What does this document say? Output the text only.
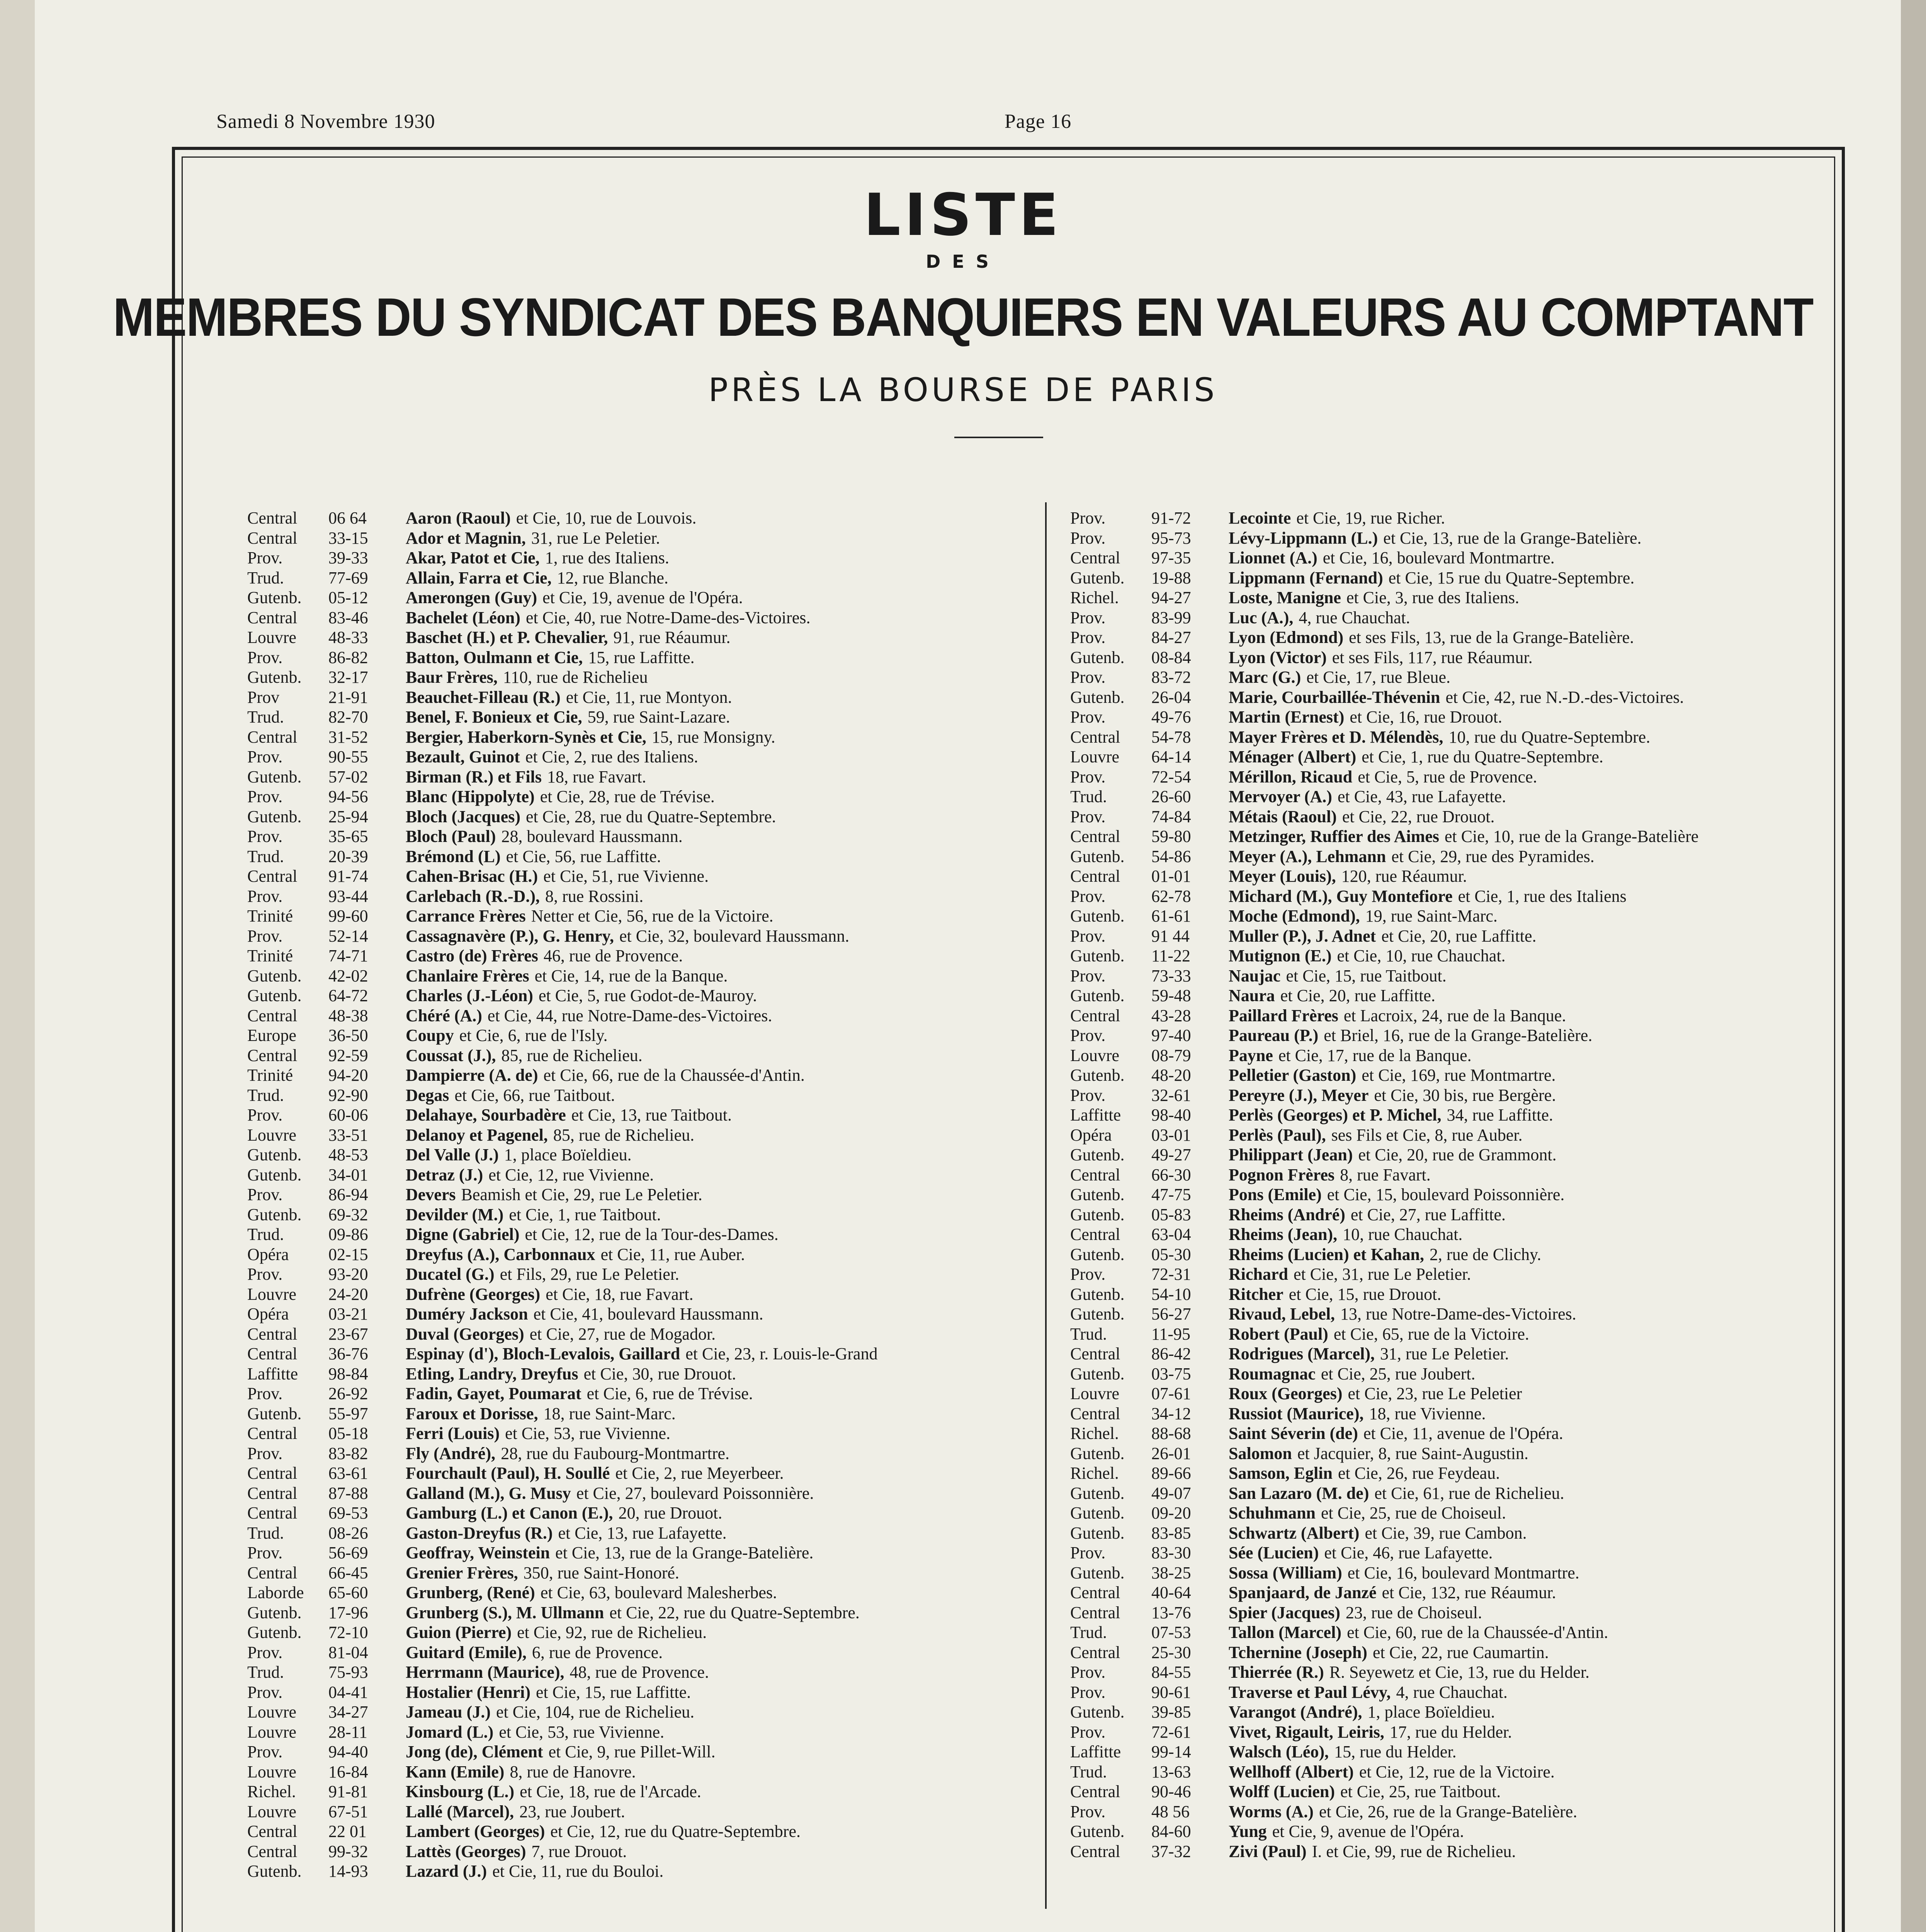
Samedi 8 Novembre 1930	Page 16
LISTE
DES
MEMBRES DU SYNDICAT DES BANQUIERS EN VALEURS AU COMPTANT
PRÈS LA BOURSE DE PARIS
Central 06 64 Aaron (Raoul) et Cie, 10, rue de Louvois.
Central 33-15 Ador et Magnin, 31, rue Le Peletier.
Prov.	39-33 Akar, Patot et Cie, 1, rue des Italiens.
Trud.	77-69 Allain, Farra et Cie, 12, rue Blanche.
Gutenb. 05-12 Amerongen (Guy) et Cie, 19, avenue de l'Opéra.
Central 83-46 Bachelet (Léon) et Cie, 40, rue Notre-Dame-des-Victoires.
Louvre 48-33 Baschet (H.) et P. Chevalier, 91, rue Réaumur.
Prov.	86-82 Batton, Oulmann et Cie, 15, rue Laffitte.
Gutenb. 32-17 Baur Frères, 110, rue de Richelieu
Prov	21-91 Beauchet-Filleau (R.) et Cie, 11, rue Montyon.
Trud.	82-70 Benel, F. Bonieux et Cie, 59, rue Saint-Lazare.
Central 31-52 Bergier, Haberkorn-Synès et Cie, 15, rue Monsigny.
Prov.	90-55 Bezault, Guinot et Cie, 2, rue des Italiens.
Gutenb. 57-02 Birman (R.) et Fils 18, rue Favart.
Prov.	94-56 Blanc (Hippolyte) et Cie, 28, rue de Trévise.
Gutenb. 25-94 Bloch (Jacques) et Cie, 28, rue du Quatre-Septembre.
Prov.	35-65 Bloch (Paul) 28, boulevard Haussmann.
Trud.	20-39 Brémond (L) et Cie, 56, rue Laffitte.
Central 91-74 Cahen-Brisac (H.) et Cie, 51, rue Vivienne.
Prov.	93-44 Carlebach (R.-D.), 8, rue Rossini.
Trinité 99-60 Carrance Frères Netter et Cie, 56, rue de la Victoire.
Prov.	52-14 Cassagnavère (P.), G. Henry, et Cie, 32, boulevard Haussmann.
Trinité 74-71 Castro (de) Frères 46, rue de Provence.
Gutenb. 42-02 Chanlaire Frères et Cie, 14, rue de la Banque.
Gutenb. 64-72 Charles (J.-Léon) et Cie, 5, rue Godot-de-Mauroy.
Central 48-38 Chéré (A.) et Cie, 44, rue Notre-Dame-des-Victoires.
Europe 36-50 Coupy et Cie, 6, rue de l'Isly.
Central 92-59 Coussat (J.), 85, rue de Richelieu.
Trinité 94-20 Dampierre (A. de) et Cie, 66, rue de la Chaussée-d'Antin.
Trud.	92-90 Degas et Cie, 66, rue Taitbout.
Prov.	60-06 Delahaye, Sourbadère et Cie, 13, rue Taitbout.
Louvre 33-51 Delanoy et Pagenel, 85, rue de Richelieu.
Gutenb. 48-53 Del Valle (J.) 1, place Boïeldieu.
Gutenb. 34-01 Detraz (J.) et Cie, 12, rue Vivienne.
Prov.	86-94 Devers Beamish et Cie, 29, rue Le Peletier.
Gutenb. 69-32 Devilder (M.) et Cie, 1, rue Taitbout.
Trud.	09-86 Digne (Gabriel) et Cie, 12, rue de la Tour-des-Dames.
Opéra 02-15 Dreyfus (A.), Carbonnaux et Cie, 11, rue Auber.
Prov.	93-20 Ducatel (G.) et Fils, 29, rue Le Peletier.
Louvre 24-20 Dufrène (Georges) et Cie, 18, rue Favart.
Opéra 03-21 Duméry Jackson et Cie, 41, boulevard Haussmann.
Central 23-67 Duval (Georges) et Cie, 27, rue de Mogador.
Central 36-76 Espinay (d'), Bloch-Levalois, Gaillard et Cie, 23, r. Louis-le-Grand
Laffitte 98-84 Etling, Landry, Dreyfus et Cie, 30, rue Drouot.
Prov.	26-92 Fadin, Gayet, Poumarat et Cie, 6, rue de Trévise.
Gutenb. 55-97 Faroux et Dorisse, 18, rue Saint-Marc.
Central 05-18 Ferri (Louis) et Cie, 53, rue Vivienne.
Prov.	83-82 Fly (André), 28, rue du Faubourg-Montmartre.
Central 63-61 Fourchault (Paul), H. Soullé et Cie, 2, rue Meyerbeer.
Central 87-88 Galland (M.), G. Musy et Cie, 27, boulevard Poissonnière.
Central 69-53 Gamburg (L.) et Canon (E.), 20, rue Drouot.
Trud.	08-26 Gaston-Dreyfus (R.) et Cie, 13, rue Lafayette.
Prov.	56-69 Geoffray, Weinstein et Cie, 13, rue de la Grange-Batelière.
Central 66-45 Grenier Frères, 350, rue Saint-Honoré.
Laborde 65-60 Grunberg, (René) et Cie, 63, boulevard Malesherbes.
Gutenb. 17-96 Grunberg (S.), M. Ullmann et Cie, 22, rue du Quatre-Septembre.
Gutenb. 72-10 Guion (Pierre) et Cie, 92, rue de Richelieu.
Prov.	81-04 Guitard (Emile), 6, rue de Provence.
Trud.	75-93 Herrmann (Maurice), 48, rue de Provence.
Prov.	04-41 Hostalier (Henri) et Cie, 15, rue Laffitte.
Louvre 34-27 Jameau (J.) et Cie, 104, rue de Richelieu.
Louvre 28-11 Jomard (L.) et Cie, 53, rue Vivienne.
Prov.	94-40 Jong (de), Clément et Cie, 9, rue Pillet-Will.
Louvre 16-84 Kann (Emile) 8, rue de Hanovre.
Richel. 91-81 Kinsbourg (L.) et Cie, 18, rue de l'Arcade.
Louvre 67-51 Lallé (Marcel), 23, rue Joubert.
Central 22 01 Lambert (Georges) et Cie, 12, rue du Quatre-Septembre.
Central 99-32 Lattès (Georges) 7, rue Drouot.
Gutenb. 14-93 Lazard (J.) et Cie, 11, rue du Bouloi.
Prov.	91-72 Lecointe et Cie, 19, rue Richer.
Prov.	95-73 Lévy-Lippmann (L.) et Cie, 13, rue de la Grange-Batelière.
Central 97-35 Lionnet (A.) et Cie, 16, boulevard Montmartre.
Gutenb. 19-88 Lippmann (Fernand) et Cie, 15 rue du Quatre-Septembre.
Richel. 94-27 Loste, Manigne et Cie, 3, rue des Italiens.
Prov.	83-99 Luc (A.), 4, rue Chauchat.
Prov.	84-27 Lyon (Edmond) et ses Fils, 13, rue de la Grange-Batelière.
Gutenb. 08-84 Lyon (Victor) et ses Fils, 117, rue Réaumur.
Prov.	83-72 Marc (G.) et Cie, 17, rue Bleue.
Gutenb. 26-04 Marie, Courbaillée-Thévenin et Cie, 42, rue N.-D.-des-Victoires.
Prov.	49-76 Martin (Ernest) et Cie, 16, rue Drouot.
Central 54-78 Mayer Frères et D. Mélendès, 10, rue du Quatre-Septembre.
Louvre 64-14 Ménager (Albert) et Cie, 1, rue du Quatre-Septembre.
Prov.	72-54 Mérillon, Ricaud et Cie, 5, rue de Provence.
Trud.	26-60 Mervoyer (A.) et Cie, 43, rue Lafayette.
Prov.	74-84 Métais (Raoul) et Cie, 22, rue Drouot.
Central 59-80 Metzinger, Ruffier des Aimes et Cie, 10, rue de la Grange-Batelière
Gutenb. 54-86 Meyer (A.), Lehmann et Cie, 29, rue des Pyramides.
Central 01-01 Meyer (Louis), 120, rue Réaumur.
Prov.	62-78 Michard (M.), Guy Montefiore et Cie, 1, rue des Italiens
Gutenb. 61-61 Moche (Edmond), 19, rue Saint-Marc.
Prov.	91 44 Muller (P.), J. Adnet et Cie, 20, rue Laffitte.
Gutenb. 11-22 Mutignon (E.) et Cie, 10, rue Chauchat.
Prov.	73-33 Naujac et Cie, 15, rue Taitbout.
Gutenb. 59-48 Naura et Cie, 20, rue Laffitte.
Central 43-28 Paillard Frères et Lacroix, 24, rue de la Banque.
Prov.	97-40 Paureau (P.) et Briel, 16, rue de la Grange-Batelière.
Louvre 08-79 Payne et Cie, 17, rue de la Banque.
Gutenb. 48-20 Pelletier (Gaston) et Cie, 169, rue Montmartre.
Prov.	32-61 Pereyre (J.), Meyer et Cie, 30 bis, rue Bergère.
Laffitte 98-40 Perlès (Georges) et P. Michel, 34, rue Laffitte.
Opéra 03-01 Perlès (Paul), ses Fils et Cie, 8, rue Auber.
Gutenb. 49-27 Philippart (Jean) et Cie, 20, rue de Grammont.
Central 66-30 Pognon Frères 8, rue Favart.
Gutenb. 47-75 Pons (Emile) et Cie, 15, boulevard Poissonnière.
Gutenb. 05-83 Rheims (André) et Cie, 27, rue Laffitte.
Central 63-04 Rheims (Jean), 10, rue Chauchat.
Gutenb. 05-30 Rheims (Lucien) et Kahan, 2, rue de Clichy.
Prov.	72-31 Richard et Cie, 31, rue Le Peletier.
Gutenb. 54-10 Ritcher et Cie, 15, rue Drouot.
Gutenb. 56-27 Rivaud, Lebel, 13, rue Notre-Dame-des-Victoires.
Trud.	11-95 Robert (Paul) et Cie, 65, rue de la Victoire.
Central 86-42 Rodrigues (Marcel), 31, rue Le Peletier.
Gutenb. 03-75 Roumagnac et Cie, 25, rue Joubert.
Louvre 07-61 Roux (Georges) et Cie, 23, rue Le Peletier
Central 34-12 Russiot (Maurice), 18, rue Vivienne.
Richel. 88-68 Saint Séverin (de) et Cie, 11, avenue de l'Opéra.
Gutenb. 26-01 Salomon et Jacquier, 8, rue Saint-Augustin.
Richel. 89-66 Samson, Eglin et Cie, 26, rue Feydeau.
Gutenb. 49-07 San Lazaro (M. de) et Cie, 61, rue de Richelieu.
Gutenb. 09-20 Schuhmann et Cie, 25, rue de Choiseul.
Gutenb. 83-85 Schwartz (Albert) et Cie, 39, rue Cambon.
Prov.	83-30 Sée (Lucien) et Cie, 46, rue Lafayette.
Gutenb. 38-25 Sossa (William) et Cie, 16, boulevard Montmartre.
Central 40-64 Spanjaard, de Janzé et Cie, 132, rue Réaumur.
Central 13-76 Spier (Jacques) 23, rue de Choiseul.
Trud.	07-53 Tallon (Marcel) et Cie, 60, rue de la Chaussée-d'Antin.
Central 25-30 Tchernine (Joseph) et Cie, 22, rue Caumartin.
Prov.	84-55 Thierrée (R.) R. Seyewetz et Cie, 13, rue du Helder.
Prov.	90-61 Traverse et Paul Lévy, 4, rue Chauchat.
Gutenb. 39-85 Varangot (André), 1, place Boïeldieu.
Prov.	72-61 Vivet, Rigault, Leiris, 17, rue du Helder.
Laffitte 99-14 Walsch (Léo), 15, rue du Helder.
Trud.	13-63 Wellhoff (Albert) et Cie, 12, rue de la Victoire.
Central 90-46 Wolff (Lucien) et Cie, 25, rue Taitbout.
Prov.	48 56 Worms (A.) et Cie, 26, rue de la Grange-Batelière.
Gutenb. 84-60 Yung et Cie, 9, avenue de l'Opéra.
Central 37-32 Zivi (Paul) I. et Cie, 99, rue de Richelieu.
